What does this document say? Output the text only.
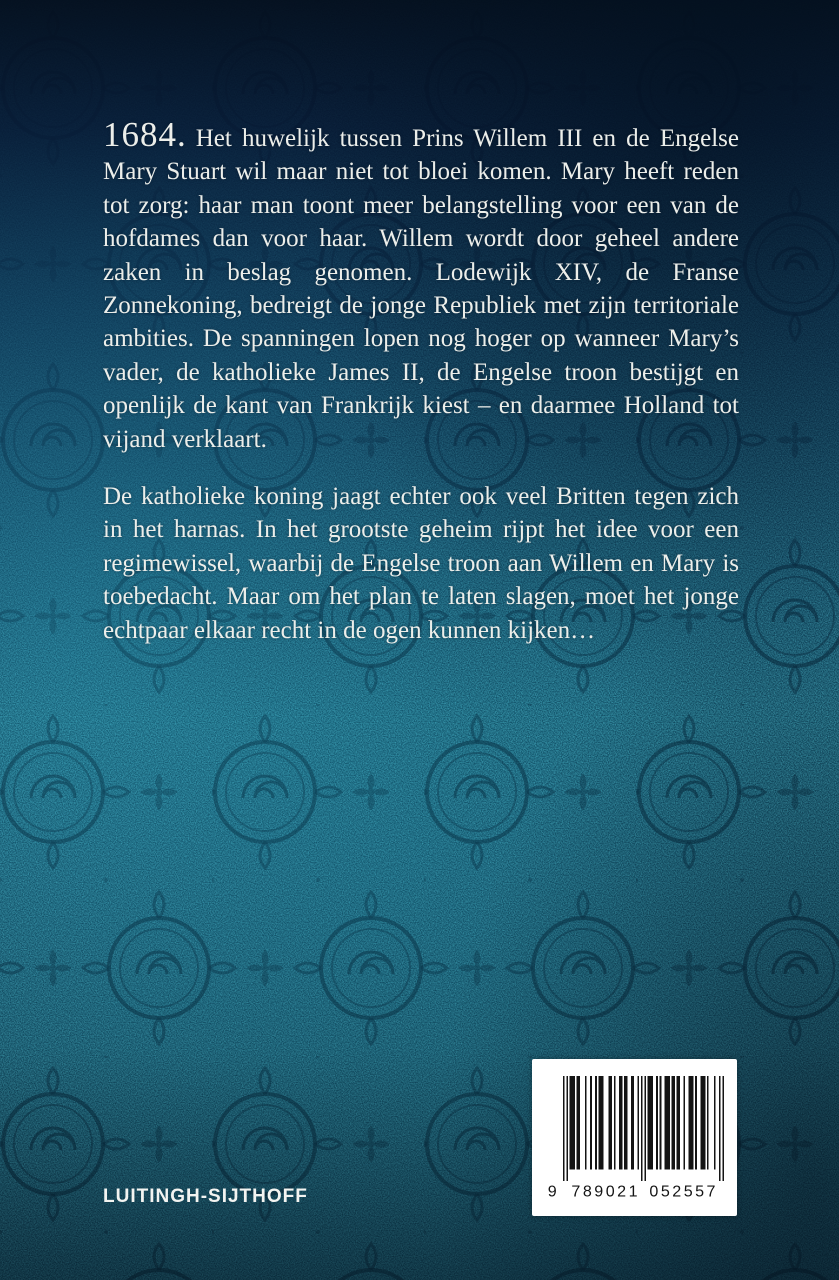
1684. Het huwelijk tussen Prins Willem III en de Engelse Mary Stuart wil maar niet tot bloei komen. Mary heeft reden tot zorg: haar man toont meer belangstelling voor een van de hofdames dan voor haar. Willem wordt door geheel andere zaken in beslag genomen. Lodewijk XIV, de Franse Zonnekoning, bedreigt de jonge Republiek met zijn territoriale ambities. De spanningen lopen nog hoger op wanneer Mary’s vader, de katholieke James II, de Engelse troon bestijgt en openlijk de kant van Frankrijk kiest – en daarmee Holland tot vijand verklaart.

De katholieke koning jaagt echter ook veel Britten tegen zich in het harnas. In het grootste geheim rijpt het idee voor een regimewissel, waarbij de Engelse troon aan Willem en Mary is toebedacht. Maar om het plan te laten slagen, moet het jonge echtpaar elkaar recht in de ogen kunnen kijken…

LUITINGH-SIJTHOFF	9 789021 052557
